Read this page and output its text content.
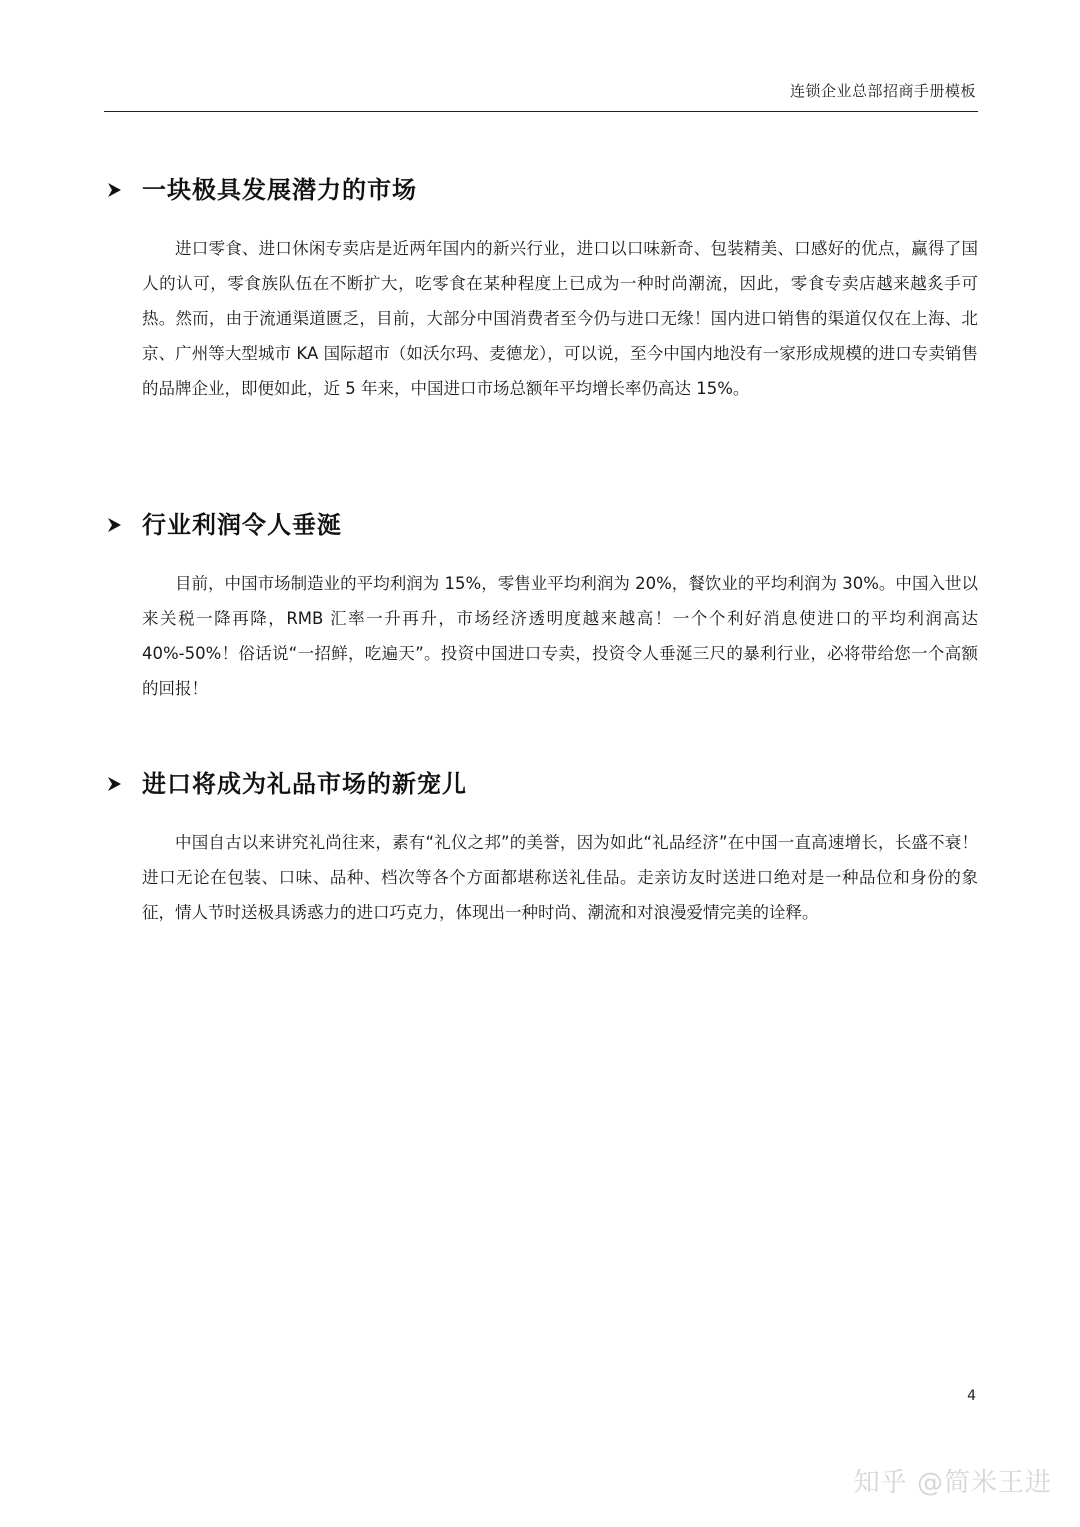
连锁企业总部招商手册模板
一块极具发展潜力的市场

进口零食、进口休闲专卖店是近两年国内的新兴行业，进口以口味新奇、包装精美、口感好的优点，赢得了国人的认可，零食族队伍在不断扩大，吃零食在某种程度上已成为一种时尚潮流，因此，零食专卖店越来越炙手可热。然而，由于流通渠道匮乏，目前，大部分中国消费者至今仍与进口无缘！国内进口销售的渠道仅仅在上海、北京、广州等大型城市 KA 国际超市（如沃尔玛、麦德龙），可以说，至今中国内地没有一家形成规模的进口专卖销售的品牌企业，即便如此，近 5 年来，中国进口市场总额年平均增长率仍高达 15%。

行业利润令人垂涎

目前，中国市场制造业的平均利润为 15%，零售业平均利润为 20%，餐饮业的平均利润为 30%。中国入世以来关税一降再降，RMB 汇率一升再升，市场经济透明度越来越高！一个个利好消息使进口的平均利润高达 40%-50%！俗话说“一招鲜，吃遍天”。投资中国进口专卖，投资令人垂涎三尺的暴利行业，必将带给您一个高额的回报！

进口将成为礼品市场的新宠儿

中国自古以来讲究礼尚往来，素有“礼仪之邦”的美誉，因为如此“礼品经济”在中国一直高速增长，长盛不衰！进口无论在包装、口味、品种、档次等各个方面都堪称送礼佳品。走亲访友时送进口绝对是一种品位和身份的象征，情人节时送极具诱惑力的进口巧克力，体现出一种时尚、潮流和对浪漫爱情完美的诠释。

4
知乎 @简米王进
